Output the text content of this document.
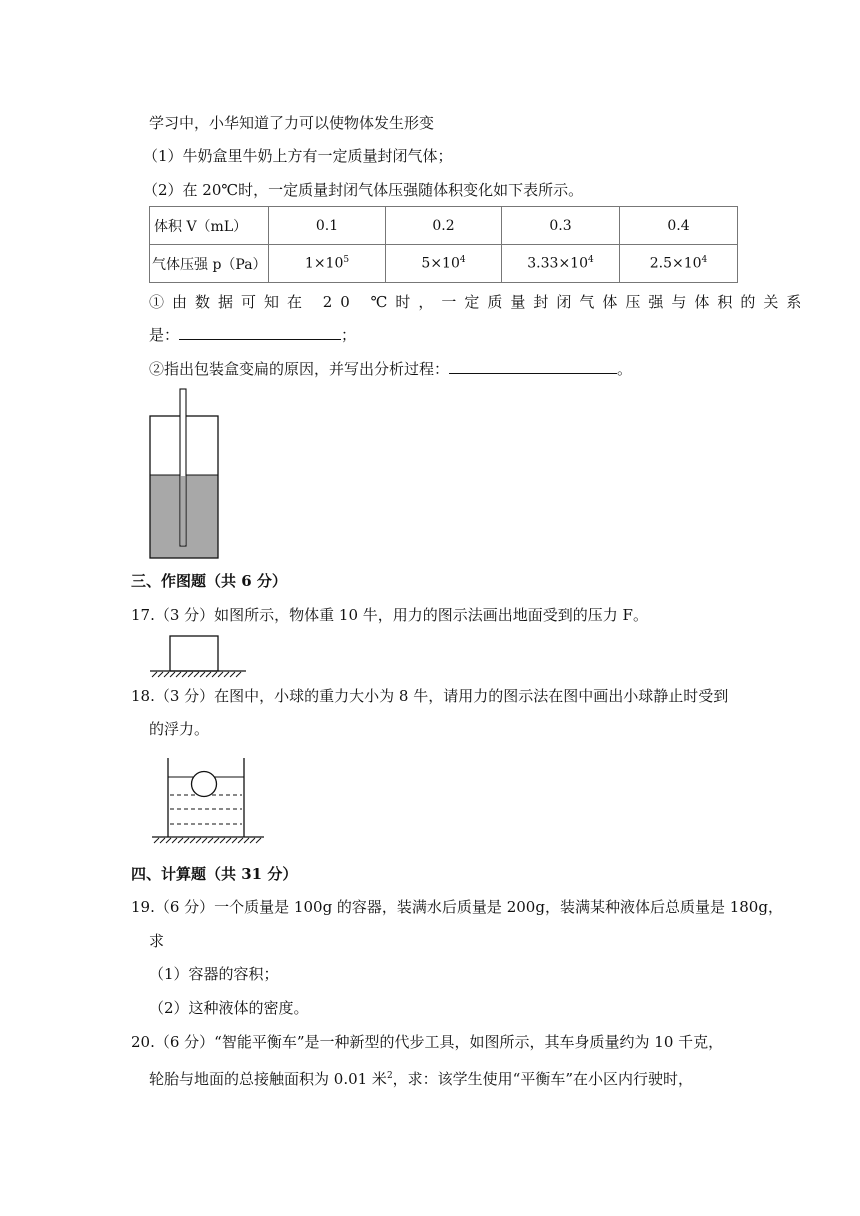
学习中，小华知道了力可以使物体发生形变
（1）牛奶盒里牛奶上方有一定质量封闭气体；
（2）在 20℃时，一定质量封闭气体压强随体积变化如下表所示。
体积 V（mL）	0.1	0.2	0.3	0.4
气体压强 p（Pa）	$1\times 10^5$	$5\times 10^4$	$3.33\times 10^4$	$2.5\times 10^4$
①由数据可知在 20 ℃时，一定质量封闭气体压强与体积的关系
是：	；
②指出包装盒变扁的原因，并写出分析过程：	。
三、作图题（共 6 分）
17.（3 分）如图所示，物体重 10 牛，用力的图示法画出地面受到的压力 F。
18.（3 分）在图中，小球的重力大小为 8 牛，请用力的图示法在图中画出小球静止时受到
的浮力。
四、计算题（共 31 分）
19.（6 分）一个质量是 100g 的容器，装满水后质量是 200g，装满某种液体后总质量是 180g，
求
（1）容器的容积；
（2）这种液体的密度。
20.（6 分）“智能平衡车”是一种新型的代步工具，如图所示，其车身质量约为 10 千克，
轮胎与地面的总接触面积为 0.01 米$^2$，求：该学生使用“平衡车”在小区内行驶时，
